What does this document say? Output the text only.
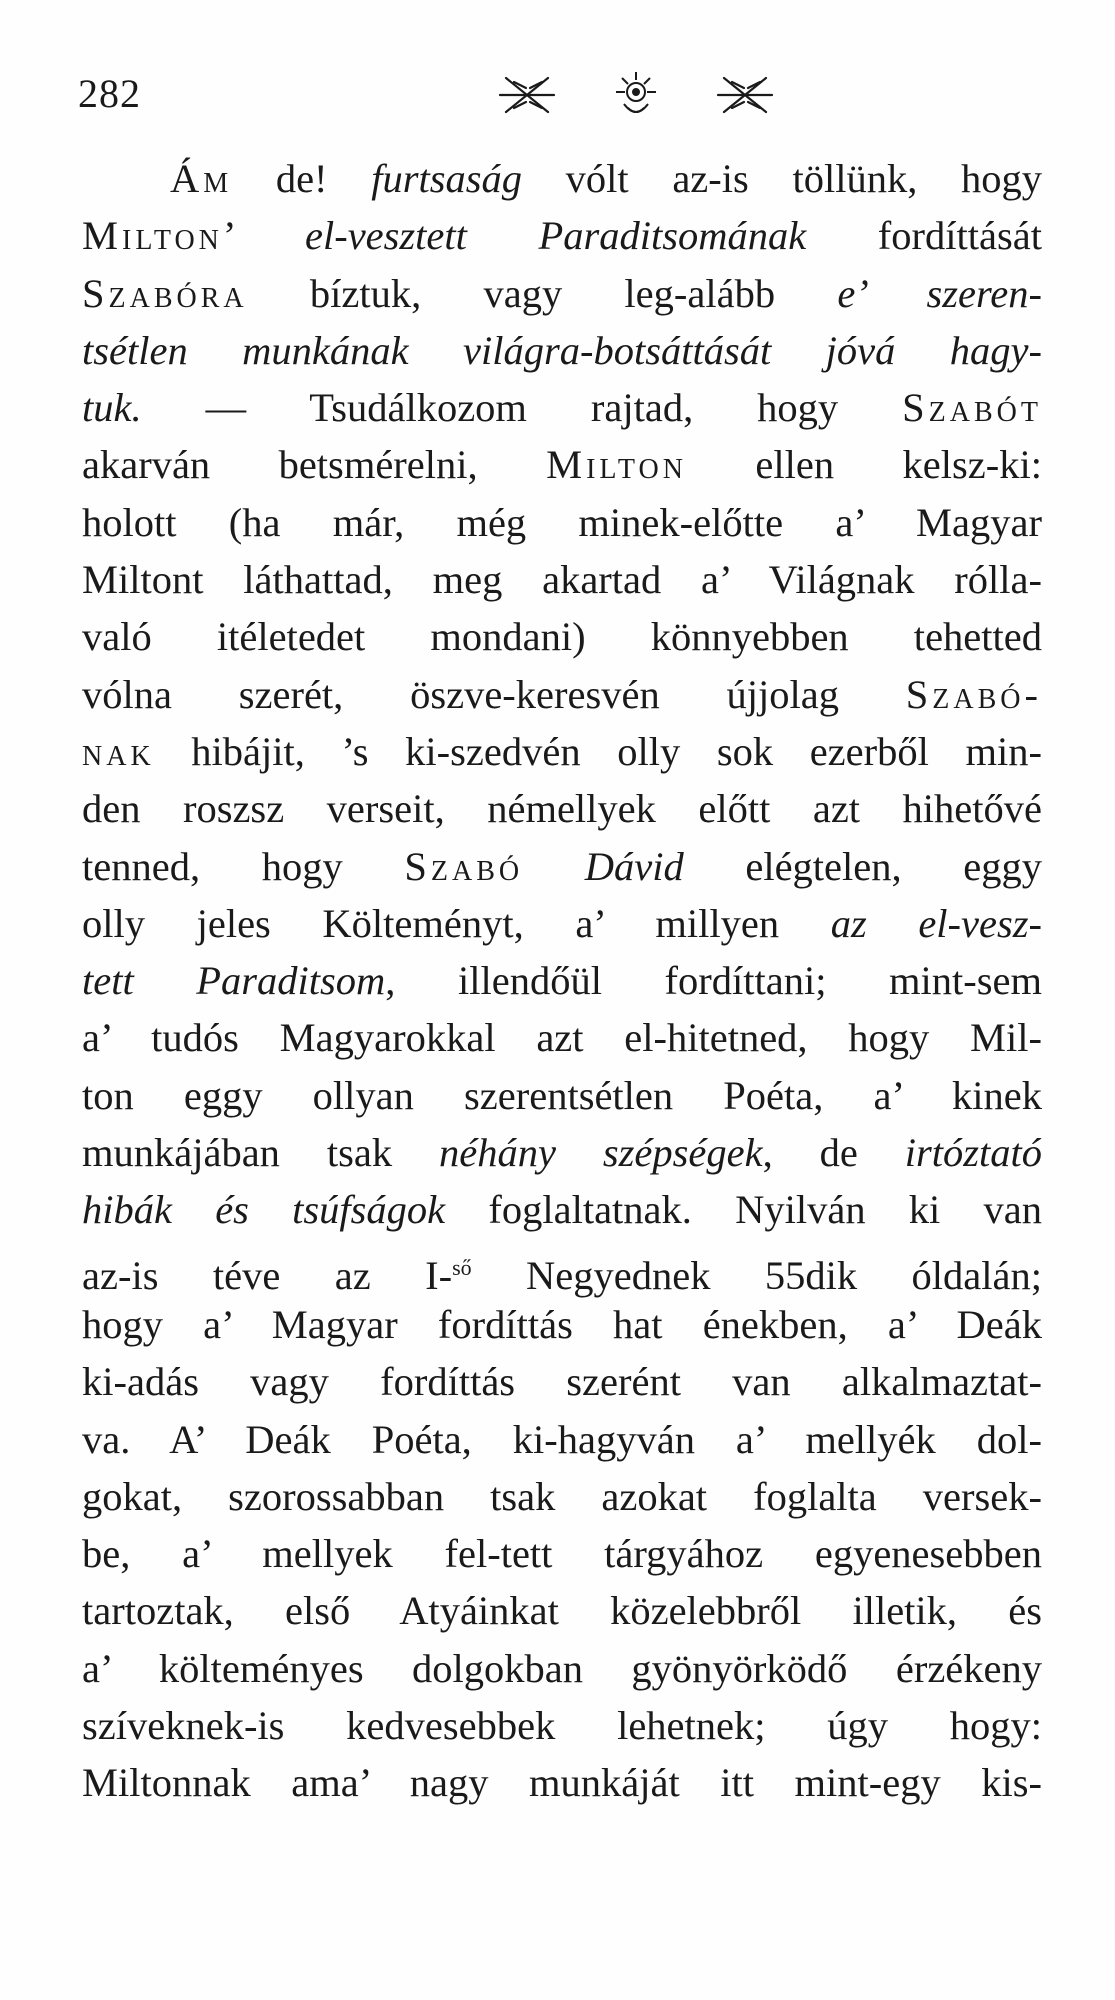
282
Ám de! furtsaság vólt az-is töllünk, hogy
Milton’ el-vesztett Paraditsomának fordíttását
Szabóra bíztuk, vagy leg-alább e’ szeren-
tsétlen munkának világra-botsáttását jóvá hagy-
tuk. — Tsudálkozom rajtad, hogy Szabót
akarván betsmérelni, Milton ellen kelsz-ki:
holott (ha már, még minek-előtte a’ Magyar
Miltont láthattad, meg akartad a’ Világnak rólla-
való itéletedet mondani) könnyebben tehetted
vólna szerét, öszve-keresvén újjolag Szabó-
nak hibájit, ’s ki-szedvén olly sok ezerből min-
den roszsz verseit, némellyek előtt azt hihetővé
tenned, hogy Szabó Dávid elégtelen, eggy
olly jeles Költeményt, a’ millyen az el-vesz-
tett Paraditsom, illendőül fordíttani; mint-sem
a’ tudós Magyarokkal azt el-hitetned, hogy Mil-
ton eggy ollyan szerentsétlen Poéta, a’ kinek
munkájában tsak néhány szépségek, de irtóztató
hibák és tsúfságok foglaltatnak. Nyilván ki van
az-is téve az I-$^{ső}$ Negyednek 55dik óldalán;
hogy a’ Magyar fordíttás hat énekben, a’ Deák
ki-adás vagy fordíttás szerént van alkalmaztat-
va. A’ Deák Poéta, ki-hagyván a’ mellyék dol-
gokat, szorossabban tsak azokat foglalta versek-
be, a’ mellyek fel-tett tárgyához egyenesebben
tartoztak, első Atyáinkat közelebbről illetik, és
a’ költeményes dolgokban gyönyörködő érzékeny
szíveknek-is kedvesebbek lehetnek; úgy hogy:
Miltonnak ama’ nagy munkáját itt mint-egy kis-
